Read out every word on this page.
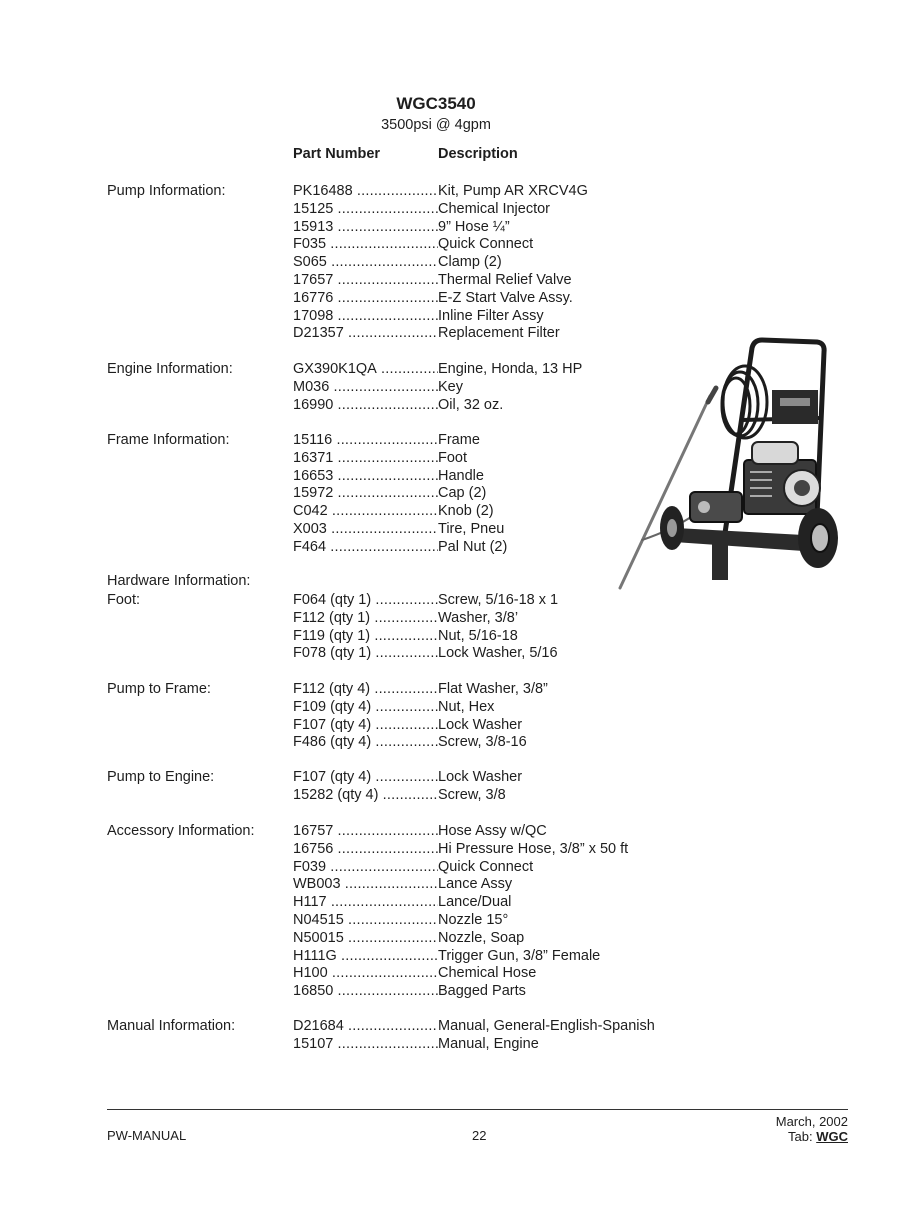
WGC3540
3500psi @ 4gpm
Part Number	Description
Hardware Information:
Pump Information:	PK16488 .....	Kit, Pump AR XRCV4G
15125 .....	Chemical Injector
15913 .....	9” Hose ¼”
F035 .....	Quick Connect
S065 .....	Clamp (2)
17657 .....	Thermal Relief Valve
16776 .....	E-Z Start Valve Assy.
17098 .....	Inline Filter Assy
D21357 .....	Replacement Filter
Engine Information:	GX390K1QA .....	Engine, Honda, 13 HP
M036 .....	Key
16990 .....	Oil, 32 oz.
Frame Information:	15116 .....	Frame
16371 .....	Foot
16653 .....	Handle
15972 .....	Cap (2)
C042 .....	Knob (2)
X003 .....	Tire, Pneu
F464 .....	Pal Nut (2)
Foot:	F064 (qty 1) .....	Screw, 5/16-18 x 1
F112 (qty 1) .....	Washer, 3/8’
F119 (qty 1) .....	Nut, 5/16-18
F078 (qty 1) .....	Lock Washer, 5/16
Pump to Frame:	F112 (qty 4) .....	Flat Washer, 3/8”
F109 (qty 4) .....	Nut, Hex
F107 (qty 4) .....	Lock Washer
F486 (qty 4) .....	Screw, 3/8-16
Pump to Engine:	F107 (qty 4) .....	Lock Washer
15282 (qty 4) .....	Screw, 3/8
Accessory Information:	16757 .....	Hose Assy w/QC
16756 .....	Hi Pressure Hose, 3/8” x 50 ft
F039 .....	Quick Connect
WB003 .....	Lance Assy
H117 .....	Lance/Dual
N04515 .....	Nozzle 15°
N50015 .....	Nozzle, Soap
H111G .....	Trigger Gun, 3/8” Female
H100 .....	Chemical Hose
16850 .....	Bagged Parts
Manual Information:	D21684 .....	Manual, General-English-Spanish
15107 .....	Manual, Engine
PW-MANUAL	22
March, 2002
Tab: WGC
